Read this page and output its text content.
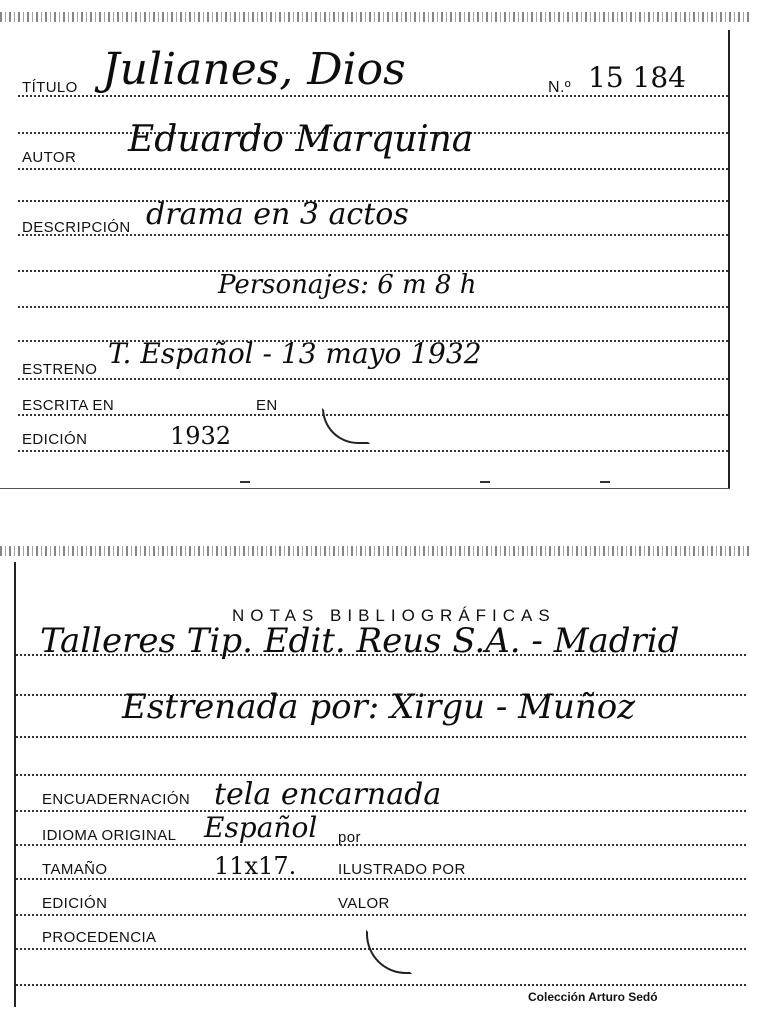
TÍTULO Julianes, Dios	N.º 15 184
AUTOR Eduardo Marquina
DESCRIPCIÓN drama en 3 actos
Personajes: 6 m 8 h
ESTRENO T. Español - 13 mayo 1932
ESCRITA EN	EN
EDICIÓN	1932
NOTAS BIBLIOGRÁFICAS
Talleres Tip. Edit. Reus S.A. - Madrid
Estrenada por: Xirgu - Muñoz
ENCUADERNACIÓN tela encarnada
IDIOMA ORIGINAL Español por
TAMAÑO	11x17.	ILUSTRADO POR
EDICIÓN	VALOR
PROCEDENCIA
Colección Arturo Sedó
